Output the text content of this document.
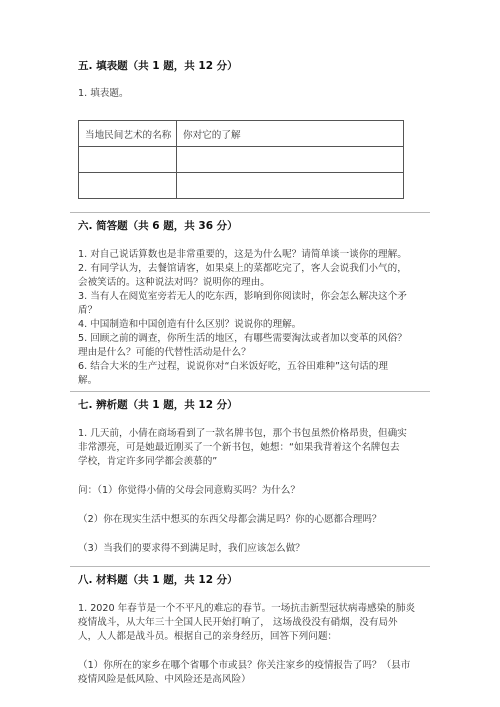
五. 填表题（共 1 题，共 12 分）
1. 填表题。
当地民间艺术的名称	你对它的了解

六. 简答题（共 6 题，共 36 分）
1. 对自己说话算数也是非常重要的，这是为什么呢？请简单谈一谈你的理解。
2. 有同学认为，去餐馆请客，如果桌上的菜都吃完了，客人会说我们小气的，
会被笑话的。这种说法对吗？说明你的理由。
3. 当有人在阅览室旁若无人的吃东西，影响到你阅读时，你会怎么解决这个矛
盾？
4. 中国制造和中国创造有什么区别？说说你的理解。
5. 回顾之前的调查，你所生活的地区，有哪些需要淘汰或者加以变革的风俗？
理由是什么？可能的代替性活动是什么？
6. 结合大米的生产过程，说说你对“白米饭好吃，五谷田难种”这句话的理
解。
七. 辨析题（共 1 题，共 12 分）
1. 几天前，小倩在商场看到了一款名牌书包，那个书包虽然价格昂贵，但确实
非常漂亮，可是她最近刚买了一个新书包，她想：“如果我背着这个名牌包去
学校，肯定许多同学都会羡慕的”
问：（1）你觉得小倩的父母会同意购买吗？为什么？
（2）你在现实生活中想买的东西父母都会满足吗？你的心愿都合理吗？
（3）当我们的要求得不到满足时，我们应该怎么做？
八. 材料题（共 1 题，共 12 分）
1. 2020 年春节是一个不平凡的难忘的春节。一场抗击新型冠状病毒感染的肺炎
疫情战斗，从大年三十全国人民开始打响了， 这场战役没有硝烟，没有局外
人，人人都是战斗员。根据自己的亲身经历，回答下列问题：
（1）你所在的家乡在哪个省哪个市或县？你关注家乡的疫情报告了吗？（县市
疫情风险是低风险、中风险还是高风险）
